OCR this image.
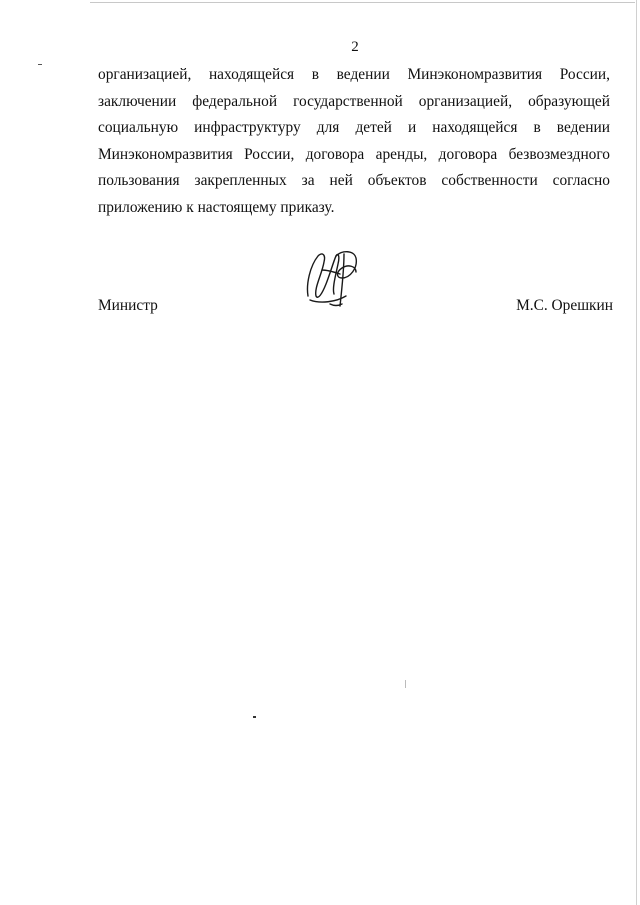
2

организацией, находящейся в ведении Минэкономразвития России,
заключении федеральной государственной организацией, образующей
социальную инфраструктуру для детей и находящейся в ведении
Минэкономразвития России, договора аренды, договора безвозмездного
пользования закрепленных за ней объектов собственности согласно
приложению к настоящему приказу.

Министр	М.С. Орешкин
